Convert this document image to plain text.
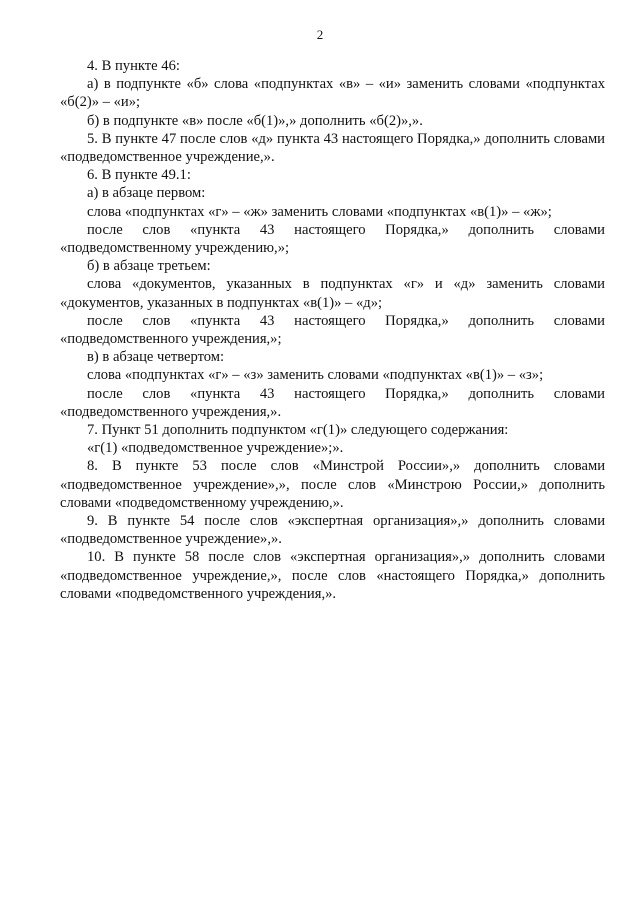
2

4. В пункте 46:

а) в подпункте «б» слова «подпунктах «в» – «и» заменить словами «подпунктах «б(2)» – «и»;

б) в подпункте «в» после «б(1)»,» дополнить «б(2)»,».

5. В пункте 47 после слов «д» пункта 43 настоящего Порядка,» дополнить словами «подведомственное учреждение,».

6. В пункте 49.1:

а) в абзаце первом:

слова «подпунктах «г» – «ж» заменить словами «подпунктах «в(1)» – «ж»;

после слов «пункта 43 настоящего Порядка,» дополнить словами «подведомственному учреждению,»;

б) в абзаце третьем:

слова «документов, указанных в подпунктах «г» и «д» заменить словами «документов, указанных в подпунктах «в(1)» – «д»;

после слов «пункта 43 настоящего Порядка,» дополнить словами «подведомственного учреждения,»;

в) в абзаце четвертом:

слова «подпунктах «г» – «з» заменить словами «подпунктах «в(1)» – «з»;

после слов «пункта 43 настоящего Порядка,» дополнить словами «подведомственного учреждения,».

7. Пункт 51 дополнить подпунктом «г(1)» следующего содержания:

«г(1) «подведомственное учреждение»;».

8. В пункте 53 после слов «Минстрой России»,» дополнить словами «подведомственное учреждение»,», после слов «Минстрою России,» дополнить словами «подведомственному учреждению,».

9. В пункте 54 после слов «экспертная организация»,» дополнить словами «подведомственное учреждение»,».

10. В пункте 58 после слов «экспертная организация»,» дополнить словами «подведомственное учреждение,», после слов «настоящего Порядка,» дополнить словами «подведомственного учреждения,».
